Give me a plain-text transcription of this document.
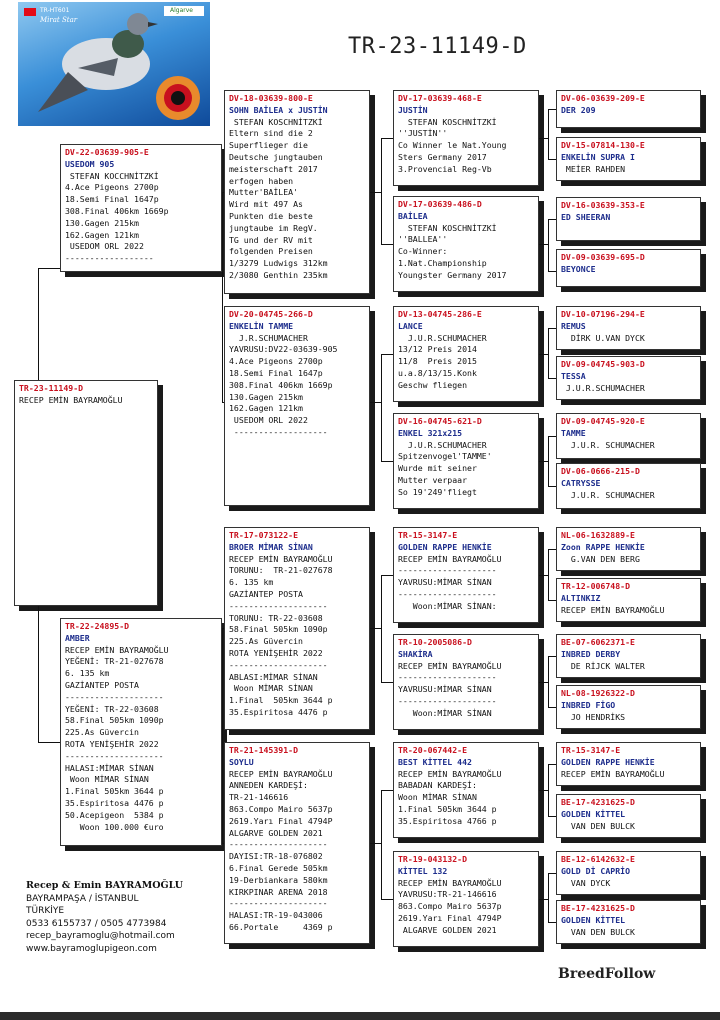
TR-HT601
Mirat Star
Algarve
TR-23-11149-D
TR-23-11149-D
RECEP EMİN BAYRAMOĞLU
DV-22-03639-905-E
USEDOM 905
STEFAN KOCCHNİTZKİ
4.Ace Pigeons 2700p
18.Semi Final 1647p
308.Final 406km 1669p
130.Gagen 215km
162.Gagen 121km
USEDOM ORL 2022
------------------
TR-22-24895-D
AMBER
RECEP EMİN BAYRAMOĞLU
YEĞENİ: TR-21-027678
6. 135 km
GAZİANTEP POSTA
--------------------
YEĞENİ: TR-22-03608
58.Final 505km 1090p
225.As Güvercin
ROTA YENİŞEHİR 2022
--------------------
HALASI:MİMAR SİNAN
Woon MİMAR SİNAN
1.Final 505km 3644 p
35.Espiritosa 4476 p
50.Acepigeon  5384 p
Woon 100.000 €uro
DV-18-03639-800-E
SOHN BAİLEA x JUSTİN
STEFAN KOSCHNİTZKİ
Eltern sind die 2
Superflieger die
Deutsche jungtauben
meisterschaft 2017
erfogen haben
Mutter'BAİLEA'
Wird mit 497 As
Punkten die beste
jungtaube im RegV.
TG und der RV mit
folgenden Preisen
1/3279 Ludwigs 312km
2/3080 Genthin 235km
DV-20-04745-266-D
ENKELİN TAMME
J.R.SCHUMACHER
YAVRUSU:DV22-03639-905
4.Ace Pigeons 2700p
18.Semi Final 1647p
308.Final 406km 1669p
130.Gagen 215km
162.Gagen 121km
USEDOM ORL 2022
-------------------
TR-17-073122-E
BROER MİMAR SİNAN
RECEP EMİN BAYRAMOĞLU
TORUNU:  TR-21-027678
6. 135 km
GAZİANTEP POSTA
--------------------
TORUNU: TR-22-03608
58.Final 505km 1090p
225.As Güvercin
ROTA YENİŞEHİR 2022
--------------------
ABLASI:MİMAR SİNAN
Woon MİMAR SİNAN
1.Final  505km 3644 p
35.Espiritosa 4476 p
TR-21-145391-D
SOYLU
RECEP EMİN BAYRAMOĞLU
ANNEDEN KARDEŞİ:
TR-21-146616
863.Compo Mairo 5637p
2619.Yarı Final 4794P
ALGARVE GOLDEN 2021
--------------------
DAYISI:TR-18-076802
6.Final Gerede 505km
19-Derbiankara 580km
KIRKPINAR ARENA 2018
--------------------
HALASI:TR-19-043006
66.Portale     4369 p
DV-17-03639-468-E
JUSTİN
STEFAN KOSCHNİTZKİ
''JUSTİN''
Co Winner le Nat.Young
Sters Germany 2017
3.Provencial Reg-Vb
DV-17-03639-486-D
BAİLEA
STEFAN KOSCHNİTZKİ
''BALLEA''
Co-Winner:
1.Nat.Championship
Youngster Germany 2017
DV-13-04745-286-E
LANCE
J.U.R.SCHUMACHER
13/12 Preis 2014
11/8  Preis 2015
u.a.8/13/15.Konk
Geschw fliegen
DV-16-04745-621-D
ENKEL 321x215
J.U.R.SCHUMACHER
Spitzenvogel'TAMME'
Wurde mit seiner
Mutter verpaar
So 19'249'fliegt
TR-15-3147-E
GOLDEN RAPPE HENKİE
RECEP EMİN BAYRAMOĞLU
--------------------
YAVRUSU:MİMAR SİNAN
--------------------
Woon:MİMAR SİNAN:
TR-10-2005086-D
SHAKİRA
RECEP EMİN BAYRAMOĞLU
--------------------
YAVRUSU:MİMAR SİNAN
--------------------
Woon:MİMAR SİNAN
TR-20-067442-E
BEST KİTTEL 442
RECEP EMİN BAYRAMOĞLU
BABADAN KARDEŞİ:
Woon MİMAR SİNAN
1.Final 505km 3644 p
35.Espiritosa 4766 p
TR-19-043132-D
KİTTEL 132
RECEP EMİN BAYRAMOĞLU
YAVRUSU:TR-21-146616
863.Compo Mairo 5637p
2619.Yarı Final 4794P
ALGARVE GOLDEN 2021
DV-06-03639-209-E
DER 209
DV-15-07814-130-E
ENKELİN SUPRA I
MEİER RAHDEN
DV-16-03639-353-E
ED SHEERAN
DV-09-03639-695-D
BEYONCE
DV-10-07196-294-E
REMUS
DİRK U.VAN DYCK
DV-09-04745-903-D
TESSA
J.U.R.SCHUMACHER
DV-09-04745-920-E
TAMME
J.U.R. SCHUMACHER
DV-06-0666-215-D
CATRYSSE
J.U.R. SCHUMACHER
NL-06-1632889-E
Zoon RAPPE HENKİE
G.VAN DEN BERG
TR-12-006748-D
ALTINKIZ
RECEP EMİN BAYRAMOĞLU
BE-07-6062371-E
INBRED DERBY
DE RİJCK WALTER
NL-08-1926322-D
INBRED FİGO
JO HENDRİKS
TR-15-3147-E
GOLDEN RAPPE HENKİE
RECEP EMİN BAYRAMOĞLU
BE-17-4231625-D
GOLDEN KİTTEL
VAN DEN BULCK
BE-12-6142632-E
GOLD Dİ CAPRİO
VAN DYCK
BE-17-4231625-D
GOLDEN KİTTEL
VAN DEN BULCK
Recep & Emin BAYRAMOĞLU
BAYRAMPAŞA / İSTANBUL
TÜRKİYE
0533 6155737 / 0505 4773984
recep_bayramoglu@hotmail.com
www.bayramoglupigeon.com
BreedFollow
